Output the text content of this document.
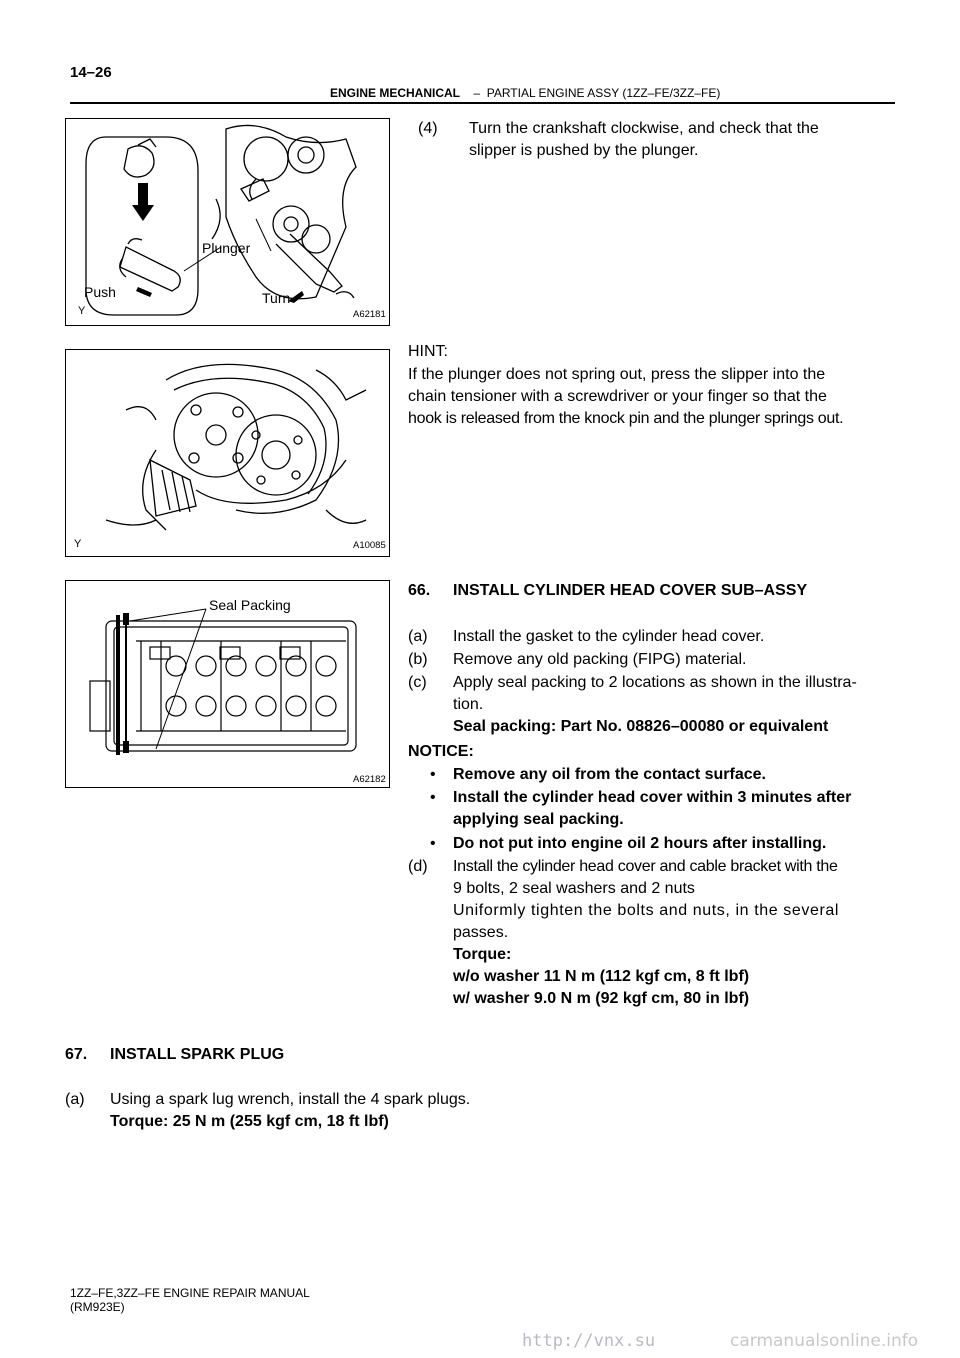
14–26
ENGINE MECHANICAL – PARTIAL ENGINE ASSY (1ZZ–FE/3ZZ–FE)
Plunger
Push	Turn
Y	A62181
(4) Turn the crankshaft clockwise, and check that the
slipper is pushed by the plunger.
Y	A10085
HINT:
If the plunger does not spring out, press the slipper into the
chain tensioner with a screwdriver or your finger so that the
hook is released from the knock pin and the plunger springs out.
Seal Packing
A62182
66. INSTALL CYLINDER HEAD COVER SUB–ASSY
(a) Install the gasket to the cylinder head cover.
(b) Remove any old packing (FIPG) material.
(c) Apply seal packing to 2 locations as shown in the illustra-
tion.
Seal packing: Part No. 08826–00080 or equivalent
NOTICE:
• Remove any oil from the contact surface.
• Install the cylinder head cover within 3 minutes after
applying seal packing.
• Do not put into engine oil 2 hours after installing.
(d) Install the cylinder head cover and cable bracket with the
9 bolts, 2 seal washers and 2 nuts
Uniformly tighten the bolts and nuts, in the several
passes.
Torque:
w/o washer 11 N m (112 kgf cm, 8 ft lbf)
w/ washer 9.0 N m (92 kgf cm, 80 in lbf)
67. INSTALL SPARK PLUG
(a) Using a spark lug wrench, install the 4 spark plugs.
Torque: 25 N m (255 kgf cm, 18 ft lbf)
1ZZ–FE,3ZZ–FE ENGINE REPAIR MANUAL
(RM923E)
http://vnx.su	carmanualsonline.info
